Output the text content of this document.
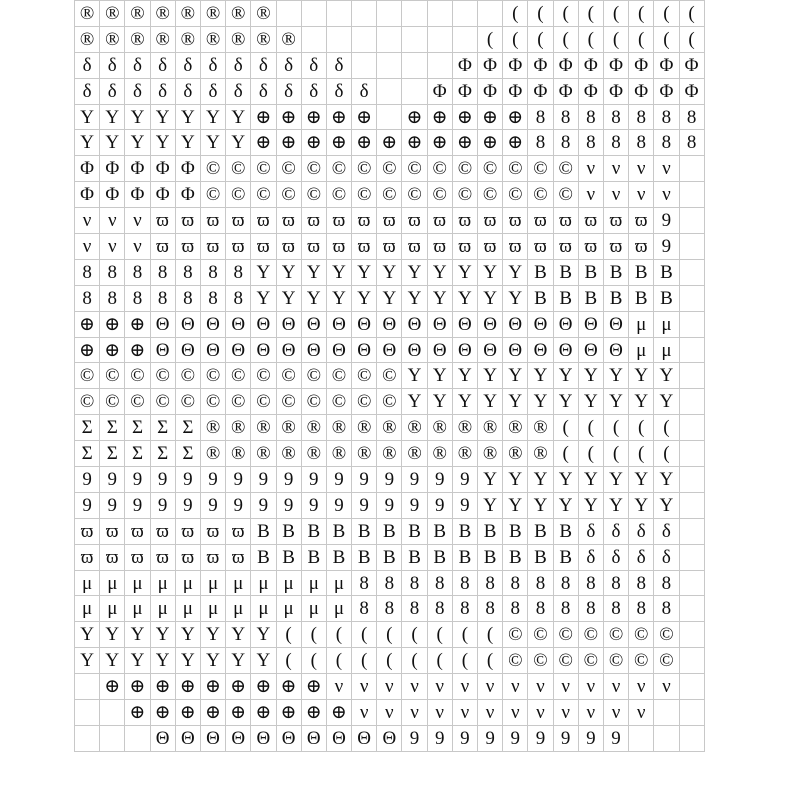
®	®	®	®	®	®	®	®										(	(	(	(	(	(	(	(
®	®	®	®	®	®	®	®	®								(	(	(	(	(	(	(	(	(
δ	δ	δ	δ	δ	δ	δ	δ	δ	δ	δ					Φ	Φ	Φ	Φ	Φ	Φ	Φ	Φ	Φ	Φ
δ	δ	δ	δ	δ	δ	δ	δ	δ	δ	δ	δ			Φ	Φ	Φ	Φ	Φ	Φ	Φ	Φ	Φ	Φ	Φ
Y	Y	Y	Y	Y	Y	Y	⊕	⊕	⊕	⊕	⊕		⊕	⊕	⊕	⊕	⊕	8	8	8	8	8	8	8
Y	Y	Y	Y	Y	Y	Y	⊕	⊕	⊕	⊕	⊕	⊕	⊕	⊕	⊕	⊕	⊕	8	8	8	8	8	8	8
Φ	Φ	Φ	Φ	Φ	©	©	©	©	©	©	©	©	©	©	©	©	©	©	©	ν	ν	ν	ν	
Φ	Φ	Φ	Φ	Φ	©	©	©	©	©	©	©	©	©	©	©	©	©	©	©	ν	ν	ν	ν	
ν	ν	ν	ϖ	ϖ	ϖ	ϖ	ϖ	ϖ	ϖ	ϖ	ϖ	ϖ	ϖ	ϖ	ϖ	ϖ	ϖ	ϖ	ϖ	ϖ	ϖ	ϖ	9	
ν	ν	ν	ϖ	ϖ	ϖ	ϖ	ϖ	ϖ	ϖ	ϖ	ϖ	ϖ	ϖ	ϖ	ϖ	ϖ	ϖ	ϖ	ϖ	ϖ	ϖ	ϖ	9	
8	8	8	8	8	8	8	Y	Y	Y	Y	Y	Y	Y	Y	Y	Y	Y	B	B	B	B	B	B	
8	8	8	8	8	8	8	Y	Y	Y	Y	Y	Y	Y	Y	Y	Y	Y	B	B	B	B	B	B	
⊕	⊕	⊕	Θ	Θ	Θ	Θ	Θ	Θ	Θ	Θ	Θ	Θ	Θ	Θ	Θ	Θ	Θ	Θ	Θ	Θ	Θ	μ	μ	
⊕	⊕	⊕	Θ	Θ	Θ	Θ	Θ	Θ	Θ	Θ	Θ	Θ	Θ	Θ	Θ	Θ	Θ	Θ	Θ	Θ	Θ	μ	μ	
©	©	©	©	©	©	©	©	©	©	©	©	©	Y	Y	Y	Y	Y	Y	Y	Y	Y	Y	Y	
©	©	©	©	©	©	©	©	©	©	©	©	©	Y	Y	Y	Y	Y	Y	Y	Y	Y	Y	Y	
Σ	Σ	Σ	Σ	Σ	®	®	®	®	®	®	®	®	®	®	®	®	®	®	(	(	(	(	(	
Σ	Σ	Σ	Σ	Σ	®	®	®	®	®	®	®	®	®	®	®	®	®	®	(	(	(	(	(	
9	9	9	9	9	9	9	9	9	9	9	9	9	9	9	9	Y	Y	Y	Y	Y	Y	Y	Y	
9	9	9	9	9	9	9	9	9	9	9	9	9	9	9	9	Y	Y	Y	Y	Y	Y	Y	Y	
ϖ	ϖ	ϖ	ϖ	ϖ	ϖ	ϖ	B	B	B	B	B	B	B	B	B	B	B	B	B	δ	δ	δ	δ	
ϖ	ϖ	ϖ	ϖ	ϖ	ϖ	ϖ	B	B	B	B	B	B	B	B	B	B	B	B	B	δ	δ	δ	δ	
μ	μ	μ	μ	μ	μ	μ	μ	μ	μ	μ	8	8	8	8	8	8	8	8	8	8	8	8	8	
μ	μ	μ	μ	μ	μ	μ	μ	μ	μ	μ	8	8	8	8	8	8	8	8	8	8	8	8	8	
Y	Y	Y	Y	Y	Y	Y	Y	(	(	(	(	(	(	(	(	(	©	©	©	©	©	©	©	
Y	Y	Y	Y	Y	Y	Y	Y	(	(	(	(	(	(	(	(	(	©	©	©	©	©	©	©	
	⊕	⊕	⊕	⊕	⊕	⊕	⊕	⊕	⊕	ν	ν	ν	ν	ν	ν	ν	ν	ν	ν	ν	ν	ν	ν	
		⊕	⊕	⊕	⊕	⊕	⊕	⊕	⊕	⊕	ν	ν	ν	ν	ν	ν	ν	ν	ν	ν	ν	ν		
			Θ	Θ	Θ	Θ	Θ	Θ	Θ	Θ	Θ	Θ	9	9	9	9	9	9	9	9	9			
